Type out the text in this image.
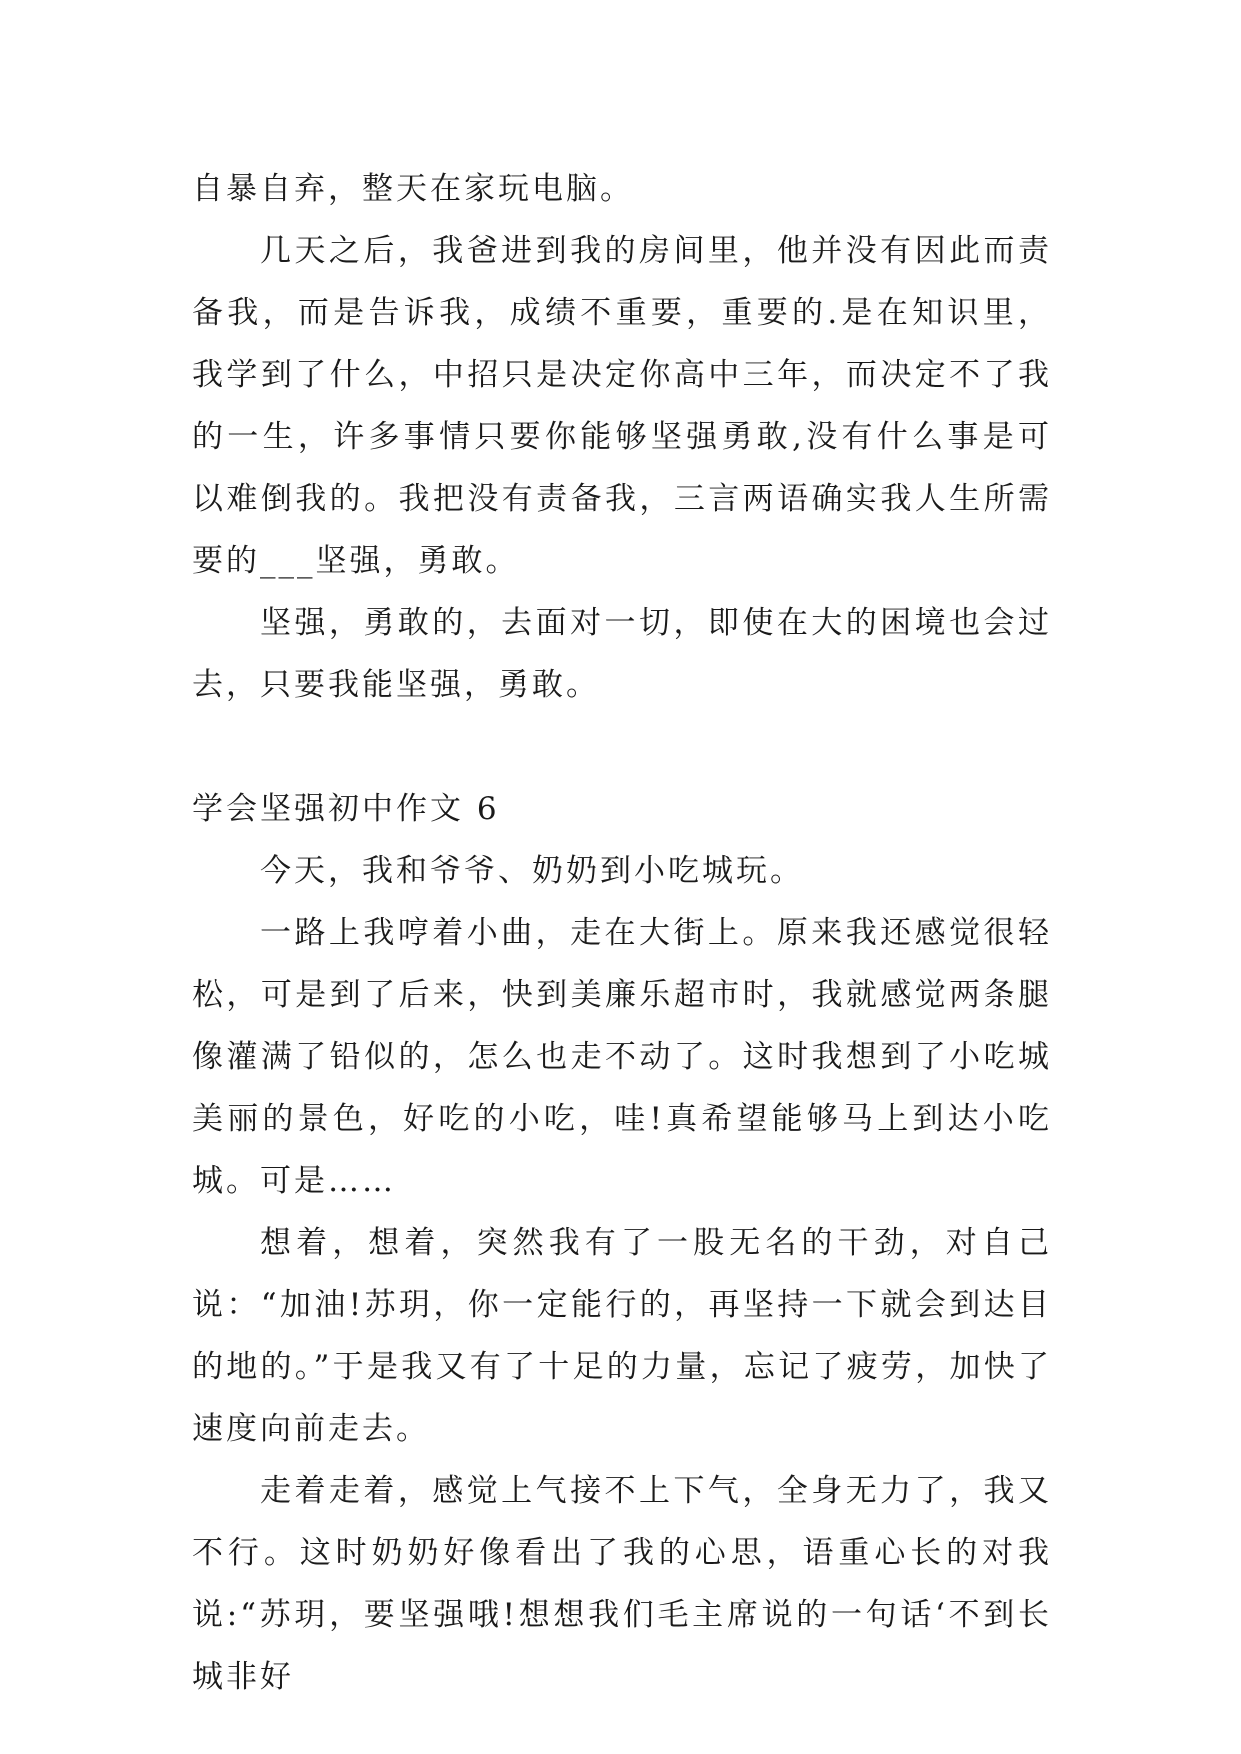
自暴自弃，整天在家玩电脑。

几天之后，我爸进到我的房间里，他并没有因此而责备我，而是告诉我，成绩不重要，重要的.是在知识里，我学到了什么，中招只是决定你高中三年，而决定不了我的一生，许多事情只要你能够坚强勇敢,没有什么事是可以难倒我的。我把没有责备我，三言两语确实我人生所需要的___坚强，勇敢。

坚强，勇敢的，去面对一切，即使在大的困境也会过去，只要我能坚强，勇敢。

学会坚强初中作文 6

今天，我和爷爷、奶奶到小吃城玩。

一路上我哼着小曲，走在大街上。原来我还感觉很轻松，可是到了后来，快到美廉乐超市时，我就感觉两条腿像灌满了铅似的，怎么也走不动了。这时我想到了小吃城美丽的景色，好吃的小吃，哇!真希望能够马上到达小吃城。可是……

想着，想着，突然我有了一股无名的干劲，对自己说：“加油!苏玥，你一定能行的，再坚持一下就会到达目的地的。”于是我又有了十足的力量，忘记了疲劳，加快了速度向前走去。

走着走着，感觉上气接不上下气，全身无力了，我又不行。这时奶奶好像看出了我的心思，语重心长的对我说:“苏玥，要坚强哦!想想我们毛主席说的一句话‘不到长城非好
